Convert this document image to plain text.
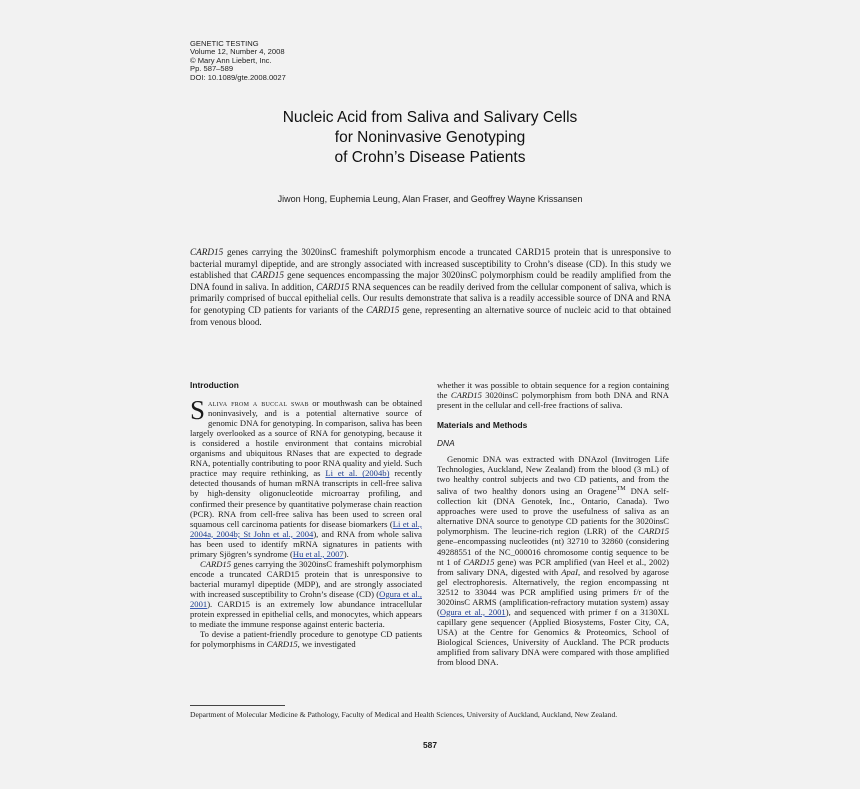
GENETIC TESTING
Volume 12, Number 4, 2008
© Mary Ann Liebert, Inc.
Pp. 587–589
DOI: 10.1089/gte.2008.0027
Nucleic Acid from Saliva and Salivary Cells
for Noninvasive Genotyping
of Crohn’s Disease Patients
Jiwon Hong, Euphemia Leung, Alan Fraser, and Geoffrey Wayne Krissansen
CARD15 genes carrying the 3020insC frameshift polymorphism encode a truncated CARD15 protein that is unresponsive to bacterial muramyl dipeptide, and are strongly associated with increased susceptibility to Crohn’s disease (CD). In this study we established that CARD15 gene sequences encompassing the major 3020insC polymorphism could be readily amplified from the DNA found in saliva. In addition, CARD15 RNA sequences can be readily derived from the cellular component of saliva, which is primarily comprised of buccal epithelial cells. Our results demonstrate that saliva is a readily accessible source of DNA and RNA for genotyping CD patients for variants of the CARD15 gene, representing an alternative source of nucleic acid to that obtained from venous blood.
Introduction

Saliva from a buccal swab or mouthwash can be obtained noninvasively, and is a potential alternative source of genomic DNA for genotyping. In comparison, saliva has been largely overlooked as a source of RNA for genotyping, because it is considered a hostile environment that contains microbial organisms and ubiquitous RNases that are expected to degrade RNA, potentially contributing to poor RNA quality and yield. Such practice may require rethinking, as Li et al. (2004b) recently detected thousands of human mRNA transcripts in cell-free saliva by high-density oligonucleotide microarray profiling, and confirmed their presence by quantitative polymerase chain reaction (PCR). RNA from cell-free saliva has been used to screen oral squamous cell carcinoma patients for disease biomarkers (Li et al., 2004a, 2004b; St John et al., 2004), and RNA from whole saliva has been used to identify mRNA signatures in patients with primary Sjögren’s syndrome (Hu et al., 2007).

CARD15 genes carrying the 3020insC frameshift polymorphism encode a truncated CARD15 protein that is unresponsive to bacterial muramyl dipeptide (MDP), and are strongly associated with increased susceptibility to Crohn’s disease (CD) (Ogura et al., 2001). CARD15 is an extremely low abundance intracellular protein expressed in epithelial cells, and monocytes, which appears to mediate the immune response against enteric bacteria.

To devise a patient-friendly procedure to genotype CD patients for polymorphisms in CARD15, we investigated

whether it was possible to obtain sequence for a region containing the CARD15 3020insC polymorphism from both DNA and RNA present in the cellular and cell-free fractions of saliva.

Materials and Methods
DNA

Genomic DNA was extracted with DNAzol (Invitrogen Life Technologies, Auckland, New Zealand) from the blood (3 mL) of two healthy control subjects and two CD patients, and from the saliva of two healthy donors using an Oragene™ DNA self-collection kit (DNA Genotek, Inc., Ontario, Canada). Two approaches were used to prove the usefulness of saliva as an alternative DNA source to genotype CD patients for the 3020insC polymorphism. The leucine-rich region (LRR) of the CARD15 gene–encompassing nucleotides (nt) 32710 to 32860 (considering 49288551 of the NC_000016 chromosome contig sequence to be nt 1 of CARD15 gene) was PCR amplified (van Heel et al., 2002) from salivary DNA, digested with ApaI, and resolved by agarose gel electrophoresis. Alternatively, the region encompassing nt 32512 to 33044 was PCR amplified using primers f/r of the 3020insC ARMS (amplification-refractory mutation system) assay (Ogura et al., 2001), and sequenced with primer f on a 3130XL capillary gene sequencer (Applied Biosystems, Foster City, CA, USA) at the Centre for Genomics & Proteomics, School of Biological Sciences, University of Auckland. The PCR products amplified from salivary DNA were compared with those amplified from blood DNA.

Department of Molecular Medicine & Pathology, Faculty of Medical and Health Sciences, University of Auckland, Auckland, New Zealand.
587
